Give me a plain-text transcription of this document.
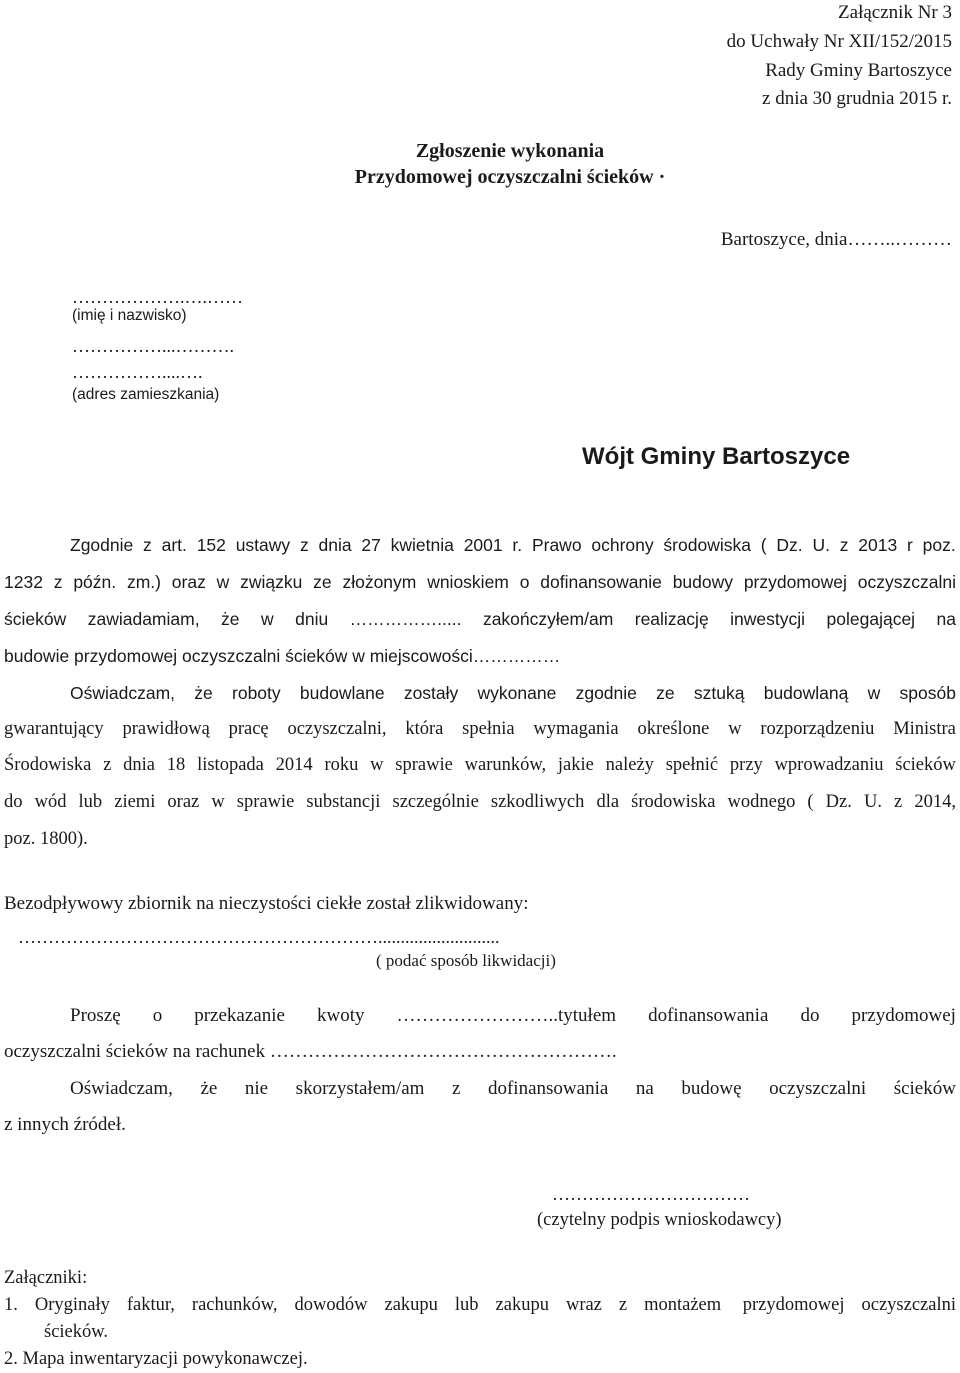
Załącznik Nr 3

do Uchwały Nr XII/152/2015

Rady Gminy Bartoszyce

z dnia 30 grudnia 2015 r.

Zgłoszenie wykonania

Przydomowej oczyszczalni ścieków ·

Bartoszyce, dnia……..………

……………….….……

(imię i nazwisko)

……………...……….

……………....….

(adres zamieszkania)

Wójt Gminy Bartoszyce

Zgodnie z art. 152 ustawy z dnia 27 kwietnia 2001 r. Prawo ochrony środowiska ( Dz. U. z 2013 r poz.
1232 z późn. zm.) oraz w związku ze złożonym wnioskiem o dofinansowanie budowy przydomowej oczyszczalni
ścieków zawiadamiam, że w dniu ……………..... zakończyłem/am realizację inwestycji polegającej na

budowie przydomowej oczyszczalni ścieków w miejscowości……………

Oświadczam, że roboty budowlane zostały wykonane zgodnie ze sztuką budowlaną w sposób
gwarantujący prawidłową pracę oczyszczalni, która spełnia wymagania określone w rozporządzeniu Ministra
Środowiska z dnia 18 listopada 2014 roku w sprawie warunków, jakie należy spełnić przy wprowadzaniu ścieków
do wód lub ziemi oraz w sprawie substancji szczególnie szkodliwych dla środowiska wodnego ( Dz. U. z 2014,

poz. 1800).

Bezodpływowy zbiornik na nieczystości ciekłe został zlikwidowany:

……………………………………………………...........................

( podać sposób likwidacji)

Proszę o przekazanie kwoty ……………………..tytułem dofinansowania do przydomowej

oczyszczalni ścieków na rachunek ……………………………………………….

Oświadczam, że nie skorzystałem/am z dofinansowania na budowę oczyszczalni ścieków

z innych źródeł.

……………………………

(czytelny podpis wnioskodawcy)

Załączniki:

1. Oryginały faktur, rachunków, dowodów zakupu lub zakupu wraz z montażem przydomowej oczyszczalni

ścieków.

2. Mapa inwentaryzacji powykonawczej.
